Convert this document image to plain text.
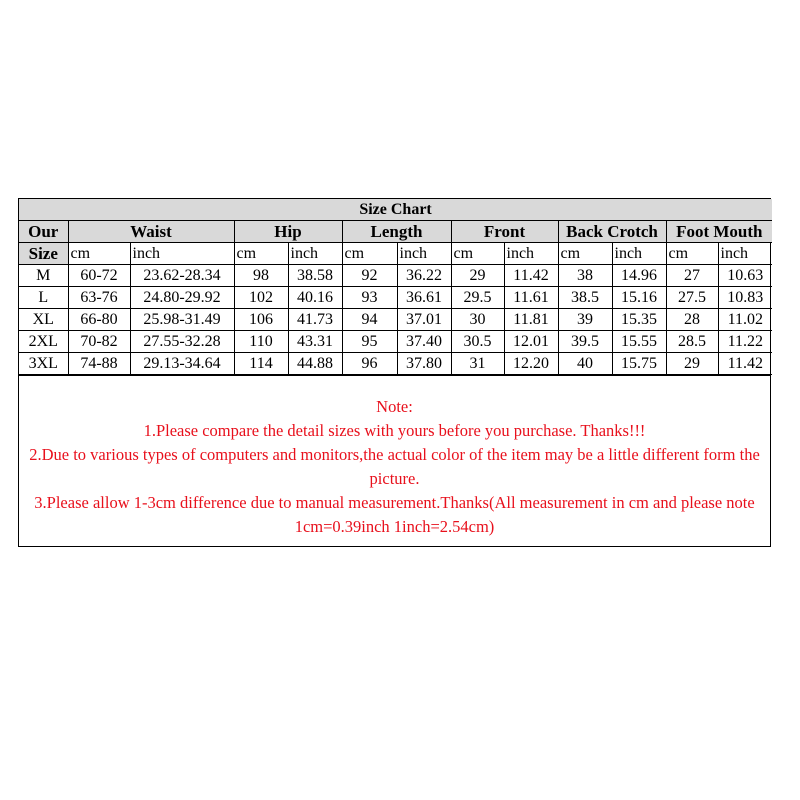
Size Chart												
Our	Waist		Hip		Length		Front		Back Crotch		Foot Mouth	
Size	cm	inch	cm	inch	cm	inch	cm	inch	cm	inch	cm	inch
M	60-72	23.62-28.34	98	38.58	92	36.22	29	11.42	38	14.96	27	10.63
L	63-76	24.80-29.92	102	40.16	93	36.61	29.5	11.61	38.5	15.16	27.5	10.83
XL	66-80	25.98-31.49	106	41.73	94	37.01	30	11.81	39	15.35	28	11.02
2XL	70-82	27.55-32.28	110	43.31	95	37.40	30.5	12.01	39.5	15.55	28.5	11.22
3XL	74-88	29.13-34.64	114	44.88	96	37.80	31	12.20	40	15.75	29	11.42

Note:

1.Please compare the detail sizes with yours before you purchase. Thanks!!!

2.Due to various types of computers and monitors,the actual color of the item may be a little different form the picture.

3.Please allow 1-3cm difference due to manual measurement.Thanks(All measurement in cm and please note 1cm=0.39inch 1inch=2.54cm)
